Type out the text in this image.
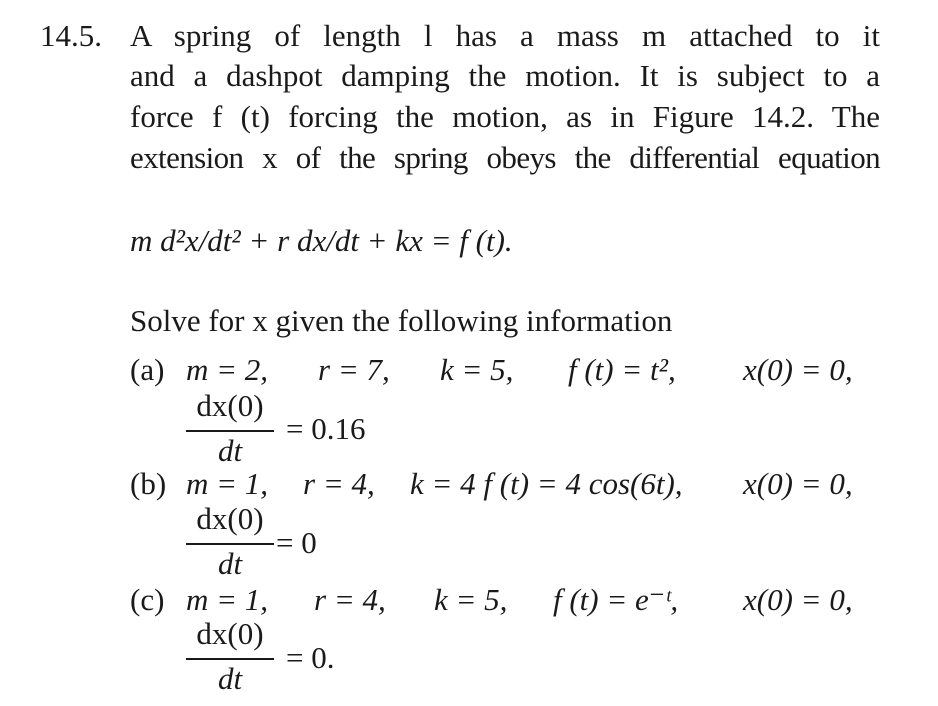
14.5. A spring of length l has a mass m attached to it
and a dashpot damping the motion. It is subject to a
force f (t) forcing the motion, as in Figure 14.2. The
extension x of the spring obeys the differential equation
m d²x/dt² + r dx/dt + kx = f (t).
Solve for x given the following information
(a) m = 2, r = 7, k = 5, f (t) = t², x(0) = 0,
dx(0)
dt
= 0.16
(b) m = 1, r = 4, k = 4 f (t) = 4 cos(6t), x(0) = 0,
dx(0)
dt
= 0
(c) m = 1, r = 4, k = 5, f (t) = e⁻ᵗ, x(0) = 0,
dx(0)
dt
= 0.
